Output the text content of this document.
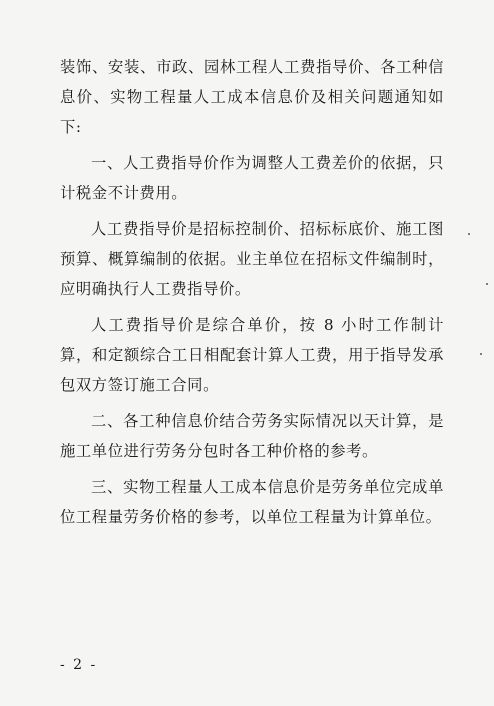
装饰、安装、市政、园林工程人工费指导价、各工种信息价、实物工程量人工成本信息价及相关问题通知如下:

一、人工费指导价作为调整人工费差价的依据，只计税金不计费用。

人工费指导价是招标控制价、招标标底价、施工图预算、概算编制的依据。业主单位在招标文件编制时，应明确执行人工费指导价。

人工费指导价是综合单价，按 8 小时工作制计算，和定额综合工日相配套计算人工费，用于指导发承包双方签订施工合同。

二、各工种信息价结合劳务实际情况以天计算，是施工单位进行劳务分包时各工种价格的参考。

三、实物工程量人工成本信息价是劳务单位完成单位工程量劳务价格的参考，以单位工程量为计算单位。

- 2 -
